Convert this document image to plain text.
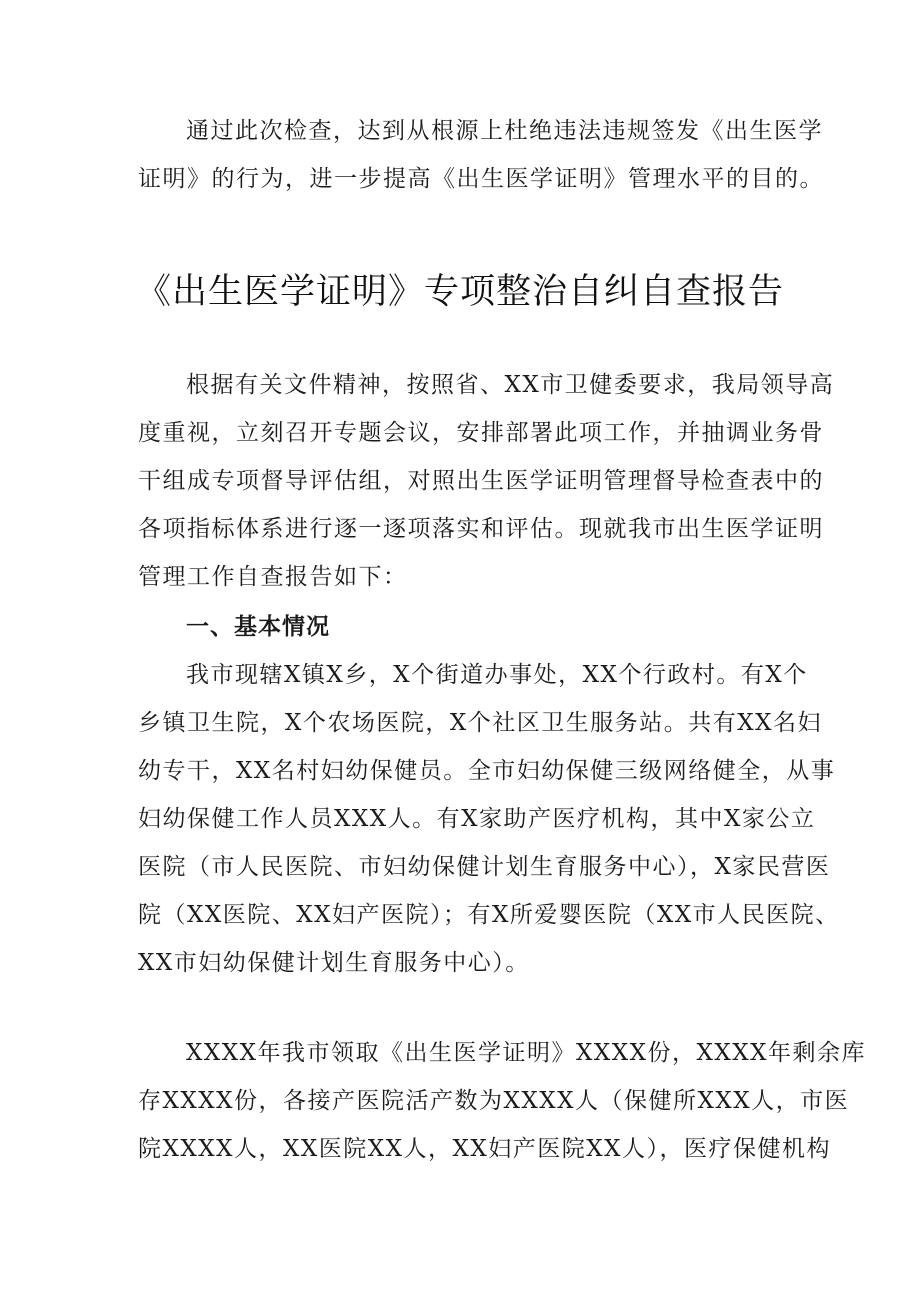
通过此次检查，达到从根源上杜绝违法违规签发《出生医学
证明》的行为，进一步提高《出生医学证明》管理水平的目的。
《出生医学证明》专项整治自纠自查报告
根据有关文件精神，按照省、XX市卫健委要求，我局领导高
度重视，立刻召开专题会议，安排部署此项工作，并抽调业务骨
干组成专项督导评估组，对照出生医学证明管理督导检查表中的
各项指标体系进行逐一逐项落实和评估。现就我市出生医学证明
管理工作自查报告如下：
一、基本情况
我市现辖X镇X乡，X个街道办事处，XX个行政村。有X个
乡镇卫生院，X个农场医院，X个社区卫生服务站。共有XX名妇
幼专干，XX名村妇幼保健员。全市妇幼保健三级网络健全，从事
妇幼保健工作人员XXX人。有X家助产医疗机构，其中X家公立
医院（市人民医院、市妇幼保健计划生育服务中心），X家民营医
院（XX医院、XX妇产医院）；有X所爱婴医院（XX市人民医院、
XX市妇幼保健计划生育服务中心）。
XXXX年我市领取《出生医学证明》XXXX份，XXXX年剩余库
存XXXX份，各接产医院活产数为XXXX人（保健所XXX人，市医
院XXXX人，XX医院XX人，XX妇产医院XX人），医疗保健机构
